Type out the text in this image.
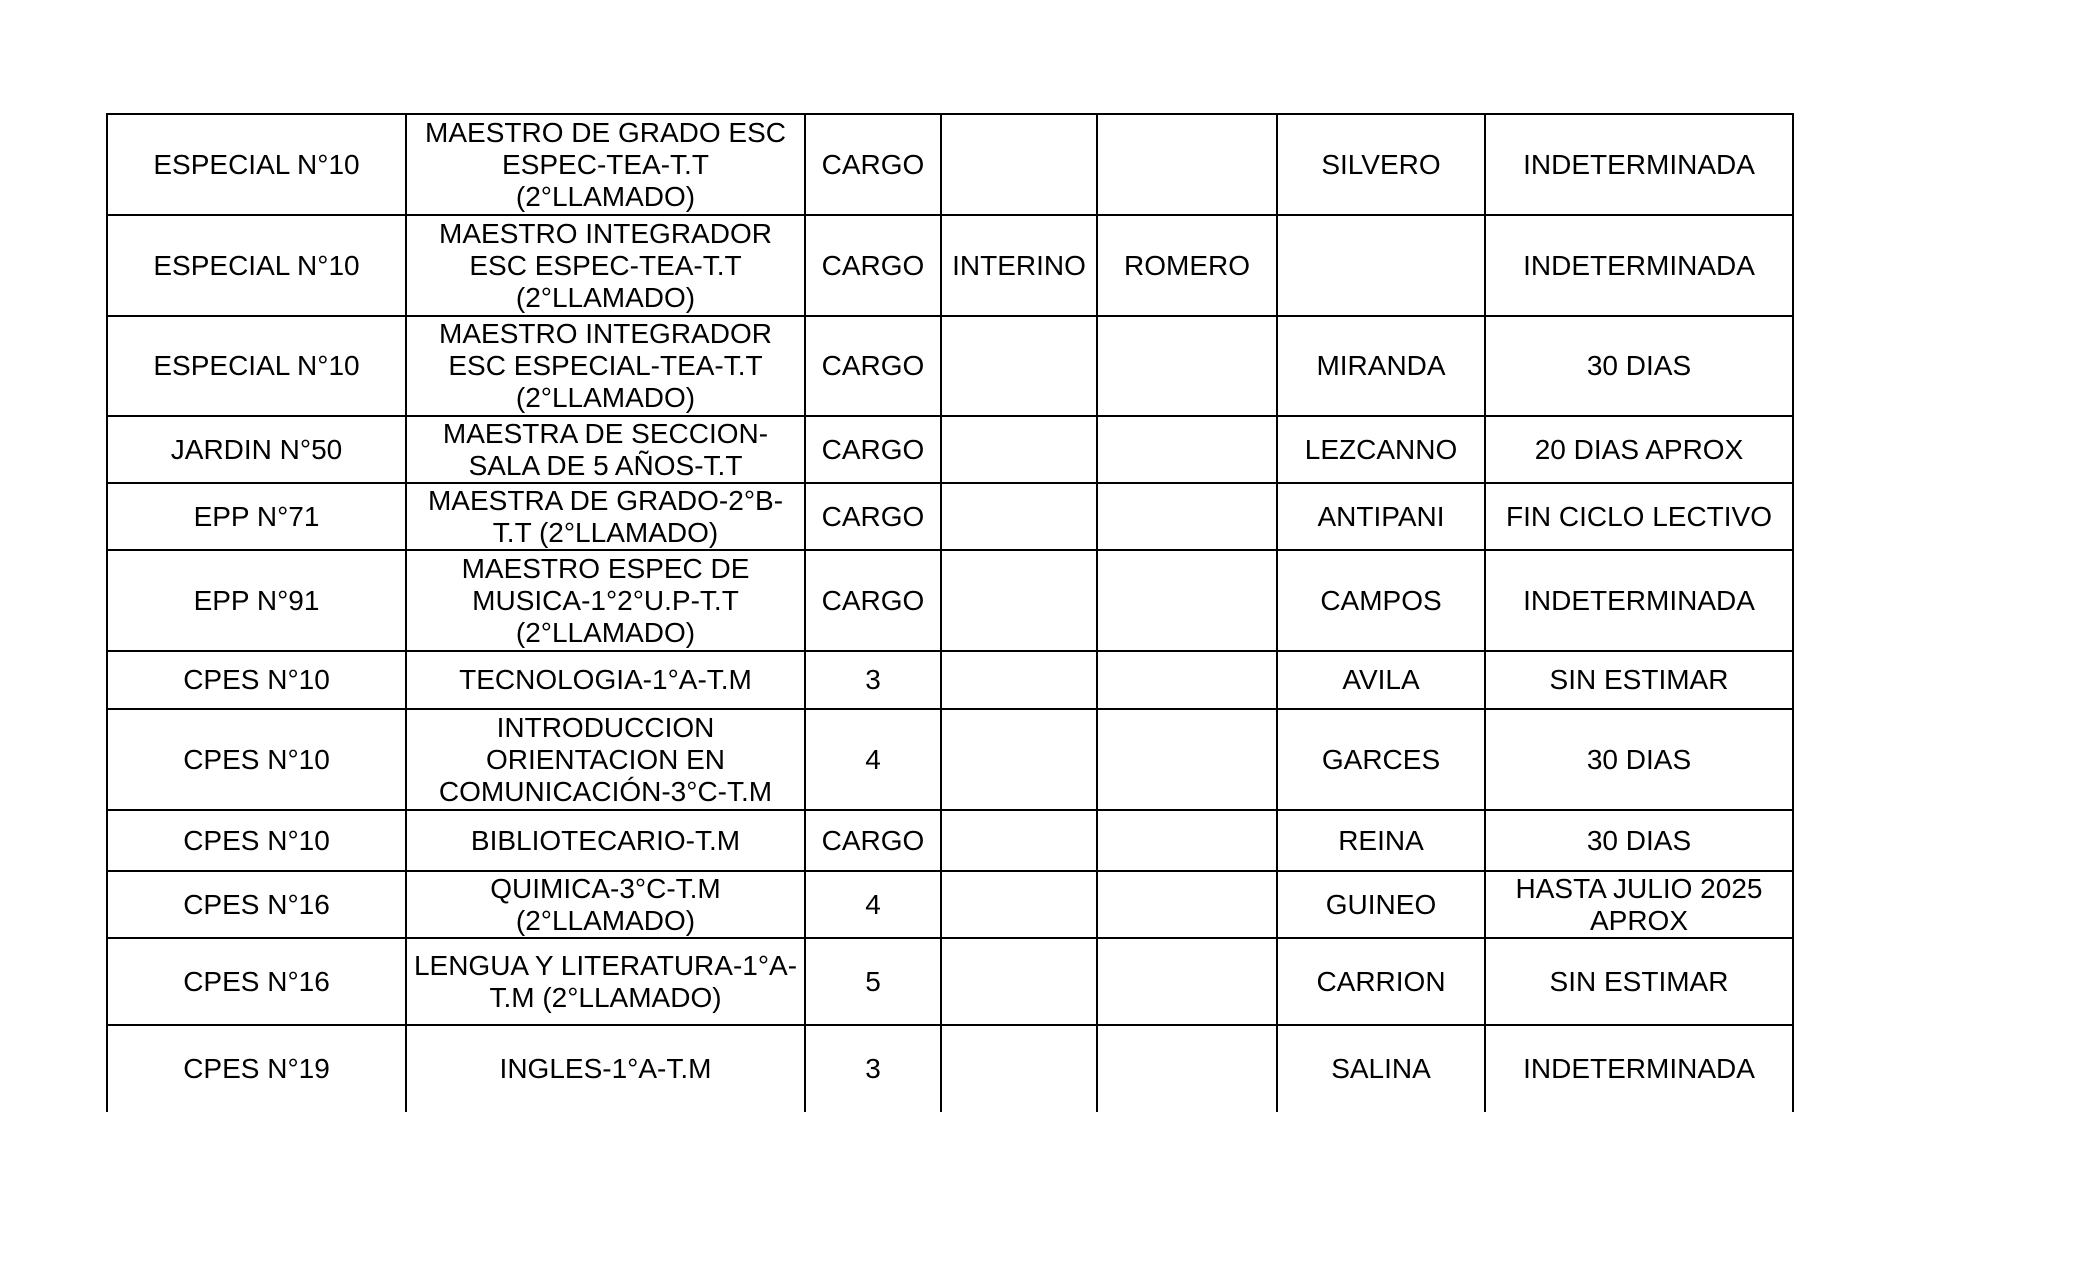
ESPECIAL N°10	MAESTRO DE GRADO ESC ESPEC-TEA-T.T (2°LLAMADO)	CARGO			SILVERO	INDETERMINADA
ESPECIAL N°10	MAESTRO INTEGRADOR ESC ESPEC-TEA-T.T (2°LLAMADO)	CARGO	INTERINO	ROMERO		INDETERMINADA
ESPECIAL N°10	MAESTRO INTEGRADOR ESC ESPECIAL-TEA-T.T (2°LLAMADO)	CARGO			MIRANDA	30 DIAS
JARDIN N°50	MAESTRA DE SECCION-SALA DE 5 AÑOS-T.T	CARGO			LEZCANNO	20 DIAS APROX
EPP N°71	MAESTRA DE GRADO-2°B-T.T (2°LLAMADO)	CARGO			ANTIPANI	FIN CICLO LECTIVO
EPP N°91	MAESTRO ESPEC DE MUSICA-1°2°U.P-T.T (2°LLAMADO)	CARGO			CAMPOS	INDETERMINADA
CPES N°10	TECNOLOGIA-1°A-T.M	3			AVILA	SIN ESTIMAR
CPES N°10	INTRODUCCION ORIENTACION EN COMUNICACIÓN-3°C-T.M	4			GARCES	30 DIAS
CPES N°10	BIBLIOTECARIO-T.M	CARGO			REINA	30 DIAS
CPES N°16	QUIMICA-3°C-T.M (2°LLAMADO)	4			GUINEO	HASTA JULIO 2025 APROX
CPES N°16	LENGUA Y LITERATURA-1°A-T.M (2°LLAMADO)	5			CARRION	SIN ESTIMAR
CPES N°19	INGLES-1°A-T.M	3			SALINA	INDETERMINADA
